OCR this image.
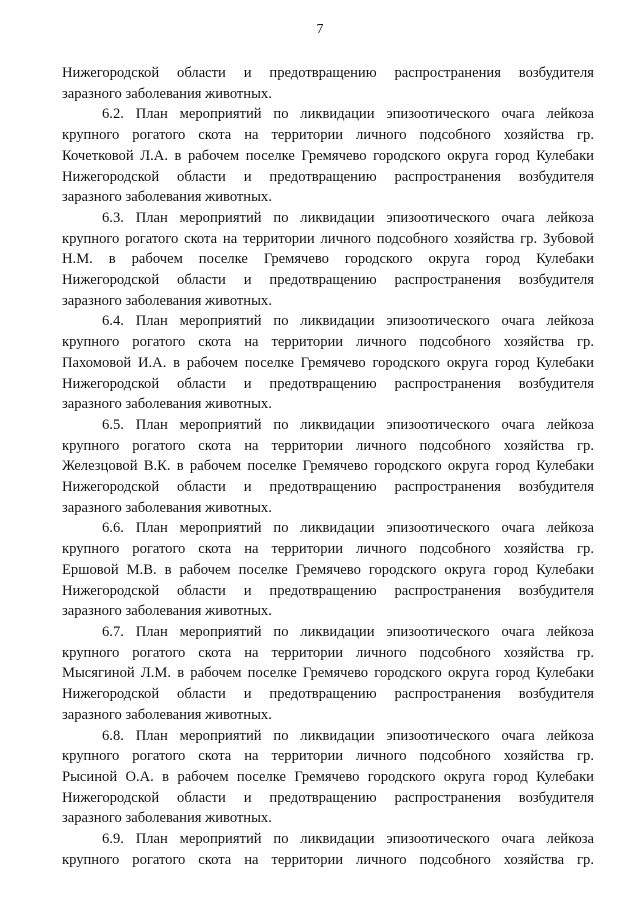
7

Нижегородской области и предотвращению распространения возбудителя
заразного заболевания животных.

6.2. План мероприятий по ликвидации эпизоотического очага лейкоза
крупного рогатого скота на территории личного подсобного хозяйства гр.
Кочетковой Л.А. в рабочем поселке Гремячево городского округа город Кулебаки
Нижегородской области и предотвращению распространения возбудителя
заразного заболевания животных.

6.3. План мероприятий по ликвидации эпизоотического очага лейкоза
крупного рогатого скота на территории личного подсобного хозяйства гр. Зубовой
Н.М. в рабочем поселке Гремячево городского округа город Кулебаки
Нижегородской области и предотвращению распространения возбудителя
заразного заболевания животных.

6.4. План мероприятий по ликвидации эпизоотического очага лейкоза
крупного рогатого скота на территории личного подсобного хозяйства гр.
Пахомовой И.А. в рабочем поселке Гремячево городского округа город Кулебаки
Нижегородской области и предотвращению распространения возбудителя
заразного заболевания животных.

6.5. План мероприятий по ликвидации эпизоотического очага лейкоза
крупного рогатого скота на территории личного подсобного хозяйства гр.
Железцовой В.К. в рабочем поселке Гремячево городского округа город Кулебаки
Нижегородской области и предотвращению распространения возбудителя
заразного заболевания животных.

6.6. План мероприятий по ликвидации эпизоотического очага лейкоза
крупного рогатого скота на территории личного подсобного хозяйства гр.
Ершовой М.В. в рабочем поселке Гремячево городского округа город Кулебаки
Нижегородской области и предотвращению распространения возбудителя
заразного заболевания животных.

6.7. План мероприятий по ликвидации эпизоотического очага лейкоза
крупного рогатого скота на территории личного подсобного хозяйства гр.
Мысягиной Л.М. в рабочем поселке Гремячево городского округа город Кулебаки
Нижегородской области и предотвращению распространения возбудителя
заразного заболевания животных.

6.8. План мероприятий по ликвидации эпизоотического очага лейкоза
крупного рогатого скота на территории личного подсобного хозяйства гр.
Рысиной О.А. в рабочем поселке Гремячево городского округа город Кулебаки
Нижегородской области и предотвращению распространения возбудителя
заразного заболевания животных.

6.9. План мероприятий по ликвидации эпизоотического очага лейкоза
крупного рогатого скота на территории личного подсобного хозяйства гр.
